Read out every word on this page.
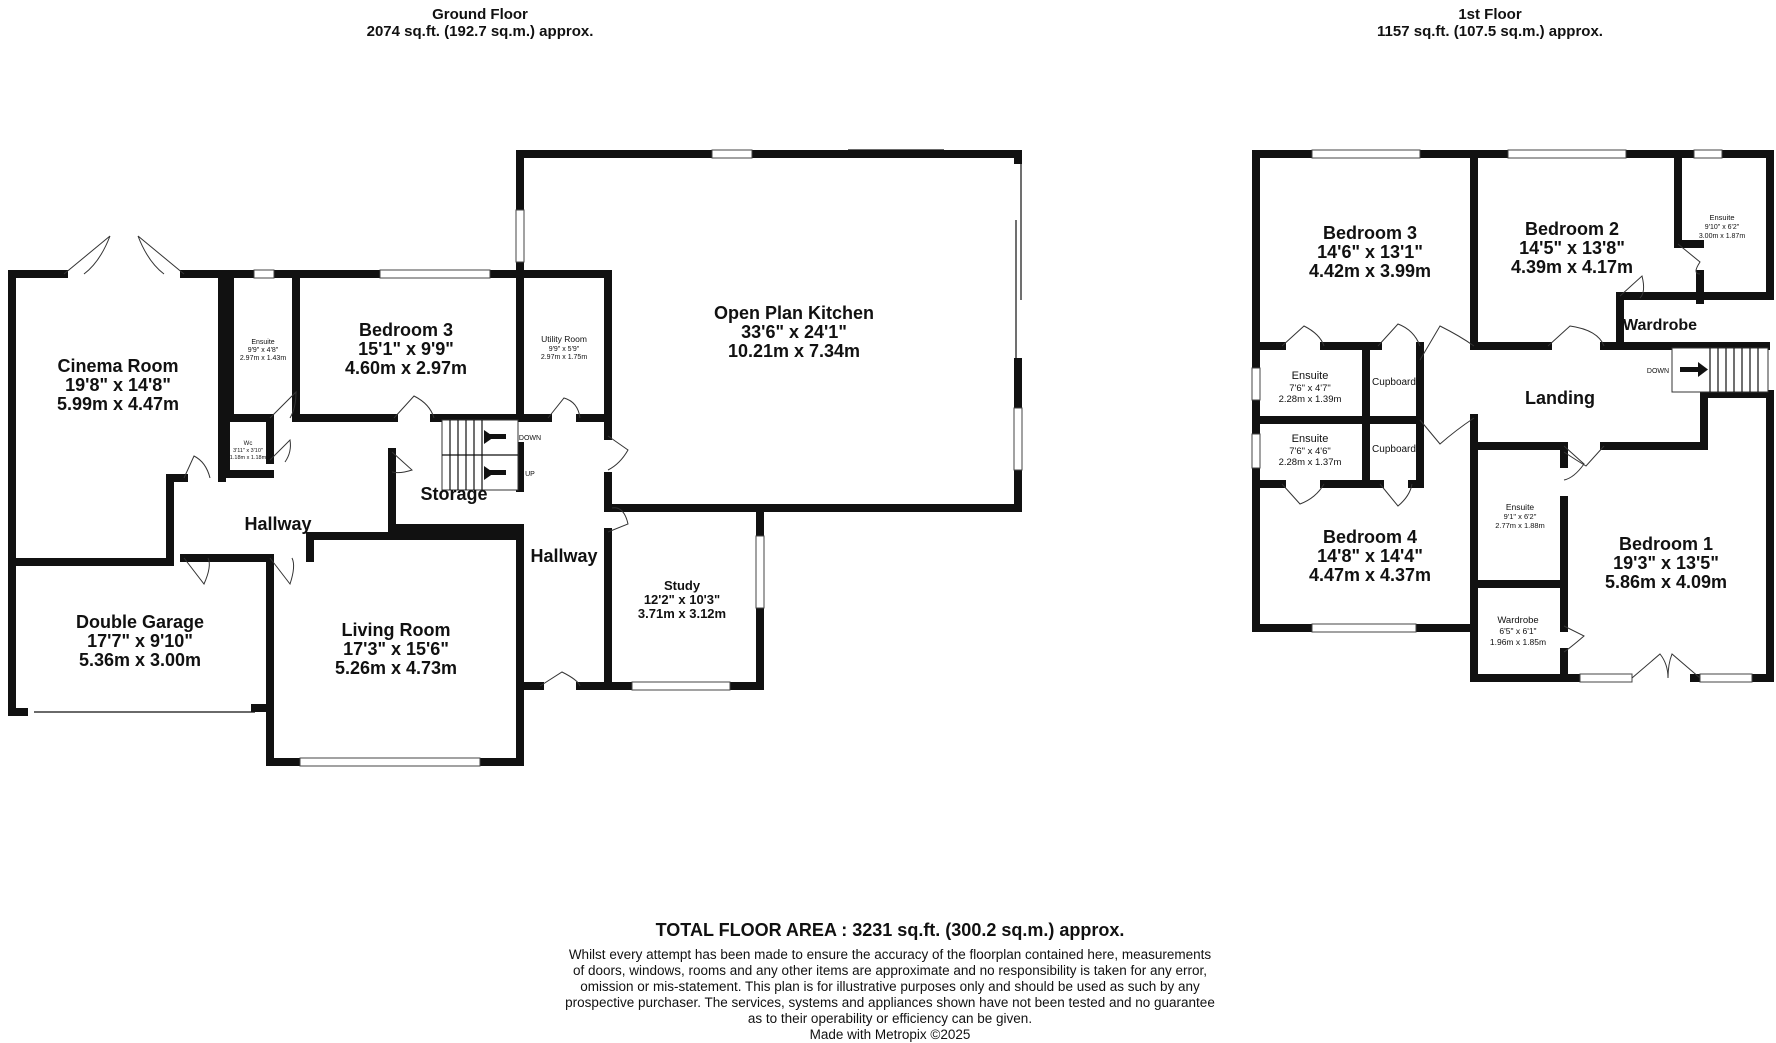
Ground Floor
2074 sq.ft. (192.7 sq.m.) approx.
1st Floor
1157 sq.ft. (107.5 sq.m.) approx.
DOWN
UP
Cinema Room
19'8" x 14'8"
5.99m x 4.47m
Ensuite
9'9" x 4'8"
2.97m x 1.43m
Bedroom 3
15'1" x 9'9"
4.60m x 2.97m
Utility Room
9'9" x 5'9"
2.97m x 1.75m
Open Plan Kitchen
33'6" x 24'1"
10.21m x 7.34m
Wc
3'11" x 3'10"
1.18m x 1.18m
Hallway
Storage
Hallway
Double Garage
17'7" x 9'10"
5.36m x 3.00m
Living Room
17'3" x 15'6"
5.26m x 4.73m
Study
12'2" x 10'3"
3.71m x 3.12m
DOWN
Bedroom 3
14'6" x 13'1"
4.42m x 3.99m
Bedroom 2
14'5" x 13'8"
4.39m x 4.17m
Ensuite
9'10" x 6'2"
3.00m x 1.87m
Wardrobe
Ensuite
7'6" x 4'7"
2.28m x 1.39m
Cupboard
Landing
Ensuite
7'6" x 4'6"
2.28m x 1.37m
Cupboard
Bedroom 4
14'8" x 14'4"
4.47m x 4.37m
Ensuite
9'1" x 6'2"
2.77m x 1.88m
Bedroom 1
19'3" x 13'5"
5.86m x 4.09m
Wardrobe
6'5" x 6'1"
1.96m x 1.85m
TOTAL FLOOR AREA : 3231 sq.ft. (300.2 sq.m.) approx.
Whilst every attempt has been made to ensure the accuracy of the floorplan contained here, measurements
of doors, windows, rooms and any other items are approximate and no responsibility is taken for any error,
omission or mis-statement. This plan is for illustrative purposes only and should be used as such by any
prospective purchaser. The services, systems and appliances shown have not been tested and no guarantee
as to their operability or efficiency can be given.
Made with Metropix ©2025
